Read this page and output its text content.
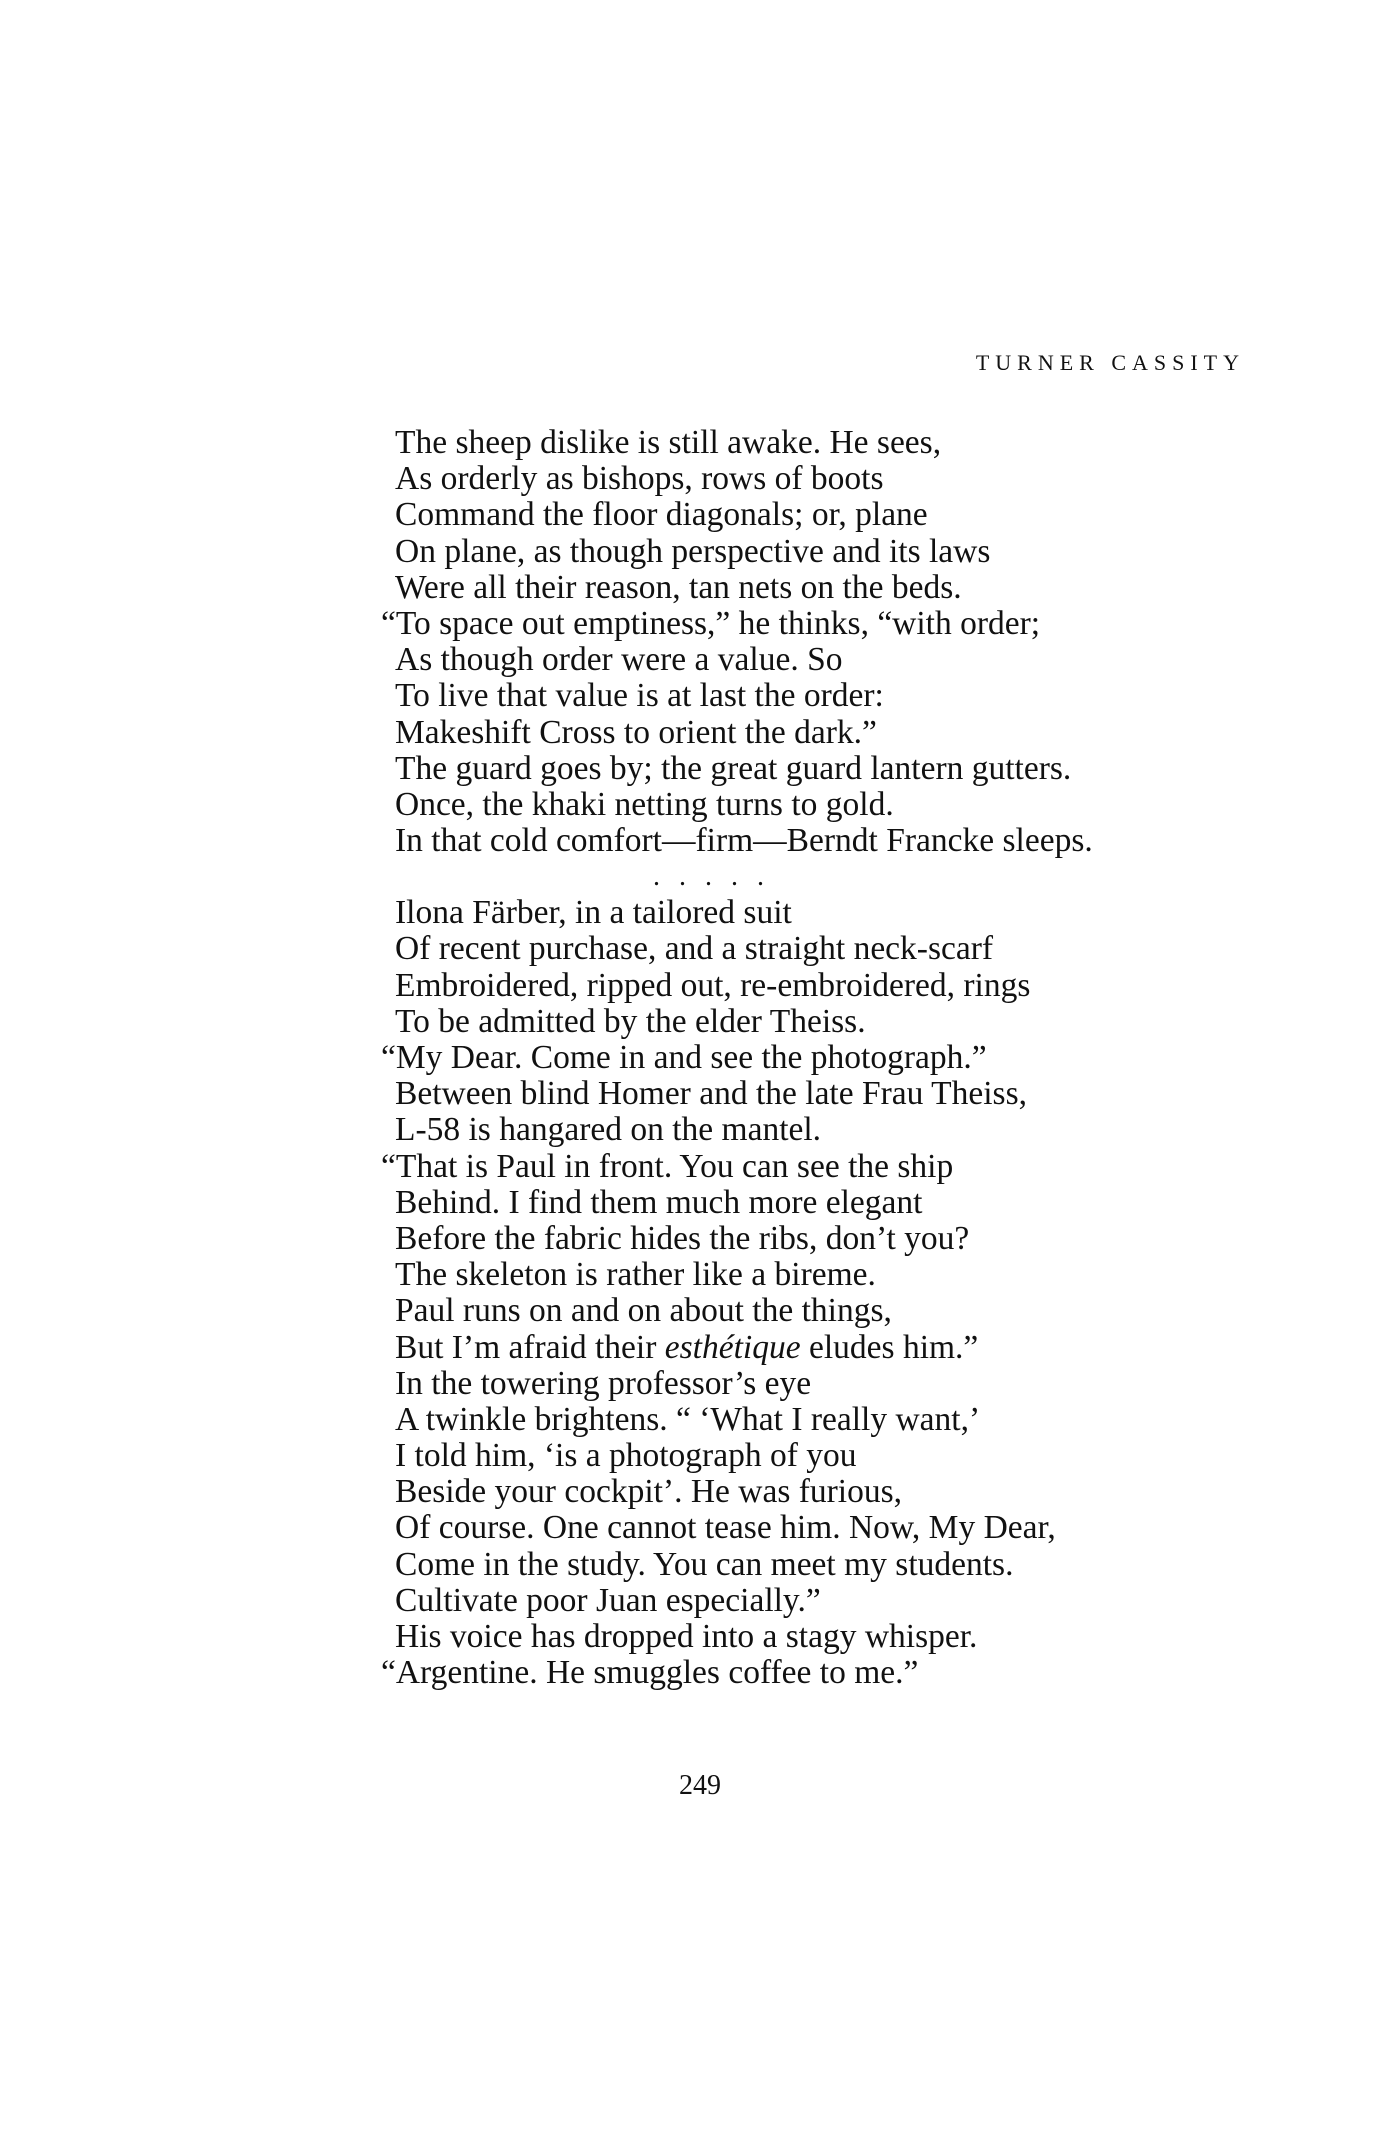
TURNER CASSITY
The sheep dislike is still awake. He sees,
As orderly as bishops, rows of boots
Command the floor diagonals; or, plane
On plane, as though perspective and its laws
Were all their reason, tan nets on the beds.
“To space out emptiness,” he thinks, “with order;
As though order were a value. So
To live that value is at last the order:
Makeshift Cross to orient the dark.”
The guard goes by; the great guard lantern gutters.
Once, the khaki netting turns to gold.
In that cold comfort—firm—Berndt Francke sleeps.
. . . . .
Ilona Färber, in a tailored suit
Of recent purchase, and a straight neck-scarf
Embroidered, ripped out, re-embroidered, rings
To be admitted by the elder Theiss.
“My Dear. Come in and see the photograph.”
Between blind Homer and the late Frau Theiss,
L-58 is hangared on the mantel.
“That is Paul in front. You can see the ship
Behind. I find them much more elegant
Before the fabric hides the ribs, don’t you?
The skeleton is rather like a bireme.
Paul runs on and on about the things,
But I’m afraid their esthétique eludes him.”
In the towering professor’s eye
A twinkle brightens. “ ‘What I really want,’
I told him, ‘is a photograph of you
Beside your cockpit’. He was furious,
Of course. One cannot tease him. Now, My Dear,
Come in the study. You can meet my students.
Cultivate poor Juan especially.”
His voice has dropped into a stagy whisper.
“Argentine. He smuggles coffee to me.”
249
